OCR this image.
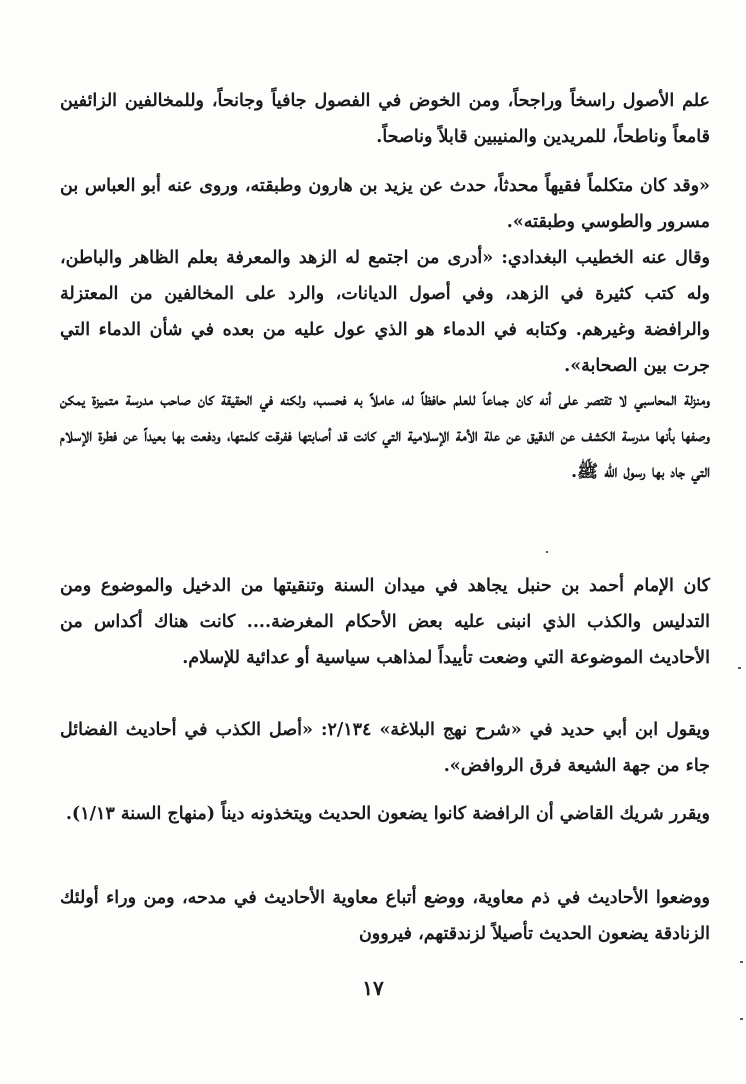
علم الأصول راسخاً وراجحاً، ومن الخوض في الفصول جافياً وجانحاً، وللمخالفين الزائفين قامعاً وناطحاً، للمريدين والمنيبين قابلاً وناصحاً.

«وقد كان متكلماً فقيهاً محدثاً، حدث عن يزيد بن هارون وطبقته، وروى عنه أبو العباس بن مسرور والطوسي وطبقته».

وقال عنه الخطيب البغدادي: «أدرى من اجتمع له الزهد والمعرفة بعلم الظاهر والباطن، وله كتب كثيرة في الزهد، وفي أصول الديانات، والرد على المخالفين من المعتزلة والرافضة وغيرهم. وكتابه في الدماء هو الذي عول عليه من بعده في شأن الدماء التي جرت بين الصحابة».

ومنزلة المحاسبي لا تقتصر على أنه كان جماعاً للعلم حافظاً له، عاملاً به فحسب، ولكنه في الحقيقة كان صاحب مدرسة متميزة يمكن وصفها بأنها مدرسة الكشف عن الدقيق عن علة الأمة الإسلامية التي كانت قد أصابتها ففرقت كلمتها، ودفعت بها بعيداً عن فطرة الإسلام التي جاد بها رسول الله ﷺ.

كان الإمام أحمد بن حنبل يجاهد في ميدان السنة وتنقيتها من الدخيل والموضوع ومن التدليس والكذب الذي انبنى عليه بعض الأحكام المغرضة.... كانت هناك أكداس من الأحاديث الموضوعة التي وضعت تأييداً لمذاهب سياسية أو عدائية للإسلام.

ويقول ابن أبي حديد في «شرح نهج البلاغة» ٢/١٣٤: «أصل الكذب في أحاديث الفضائل جاء من جهة الشيعة فرق الروافض».

ويقرر شريك القاضي أن الرافضة كانوا يضعون الحديث ويتخذونه ديناً (منهاج السنة ١/١٣).

ووضعوا الأحاديث في ذم معاوية، ووضع أتباع معاوية الأحاديث في مدحه، ومن وراء أولئك الزنادقة يضعون الحديث تأصيلاً لزندقتهم، فيروون

١٧
